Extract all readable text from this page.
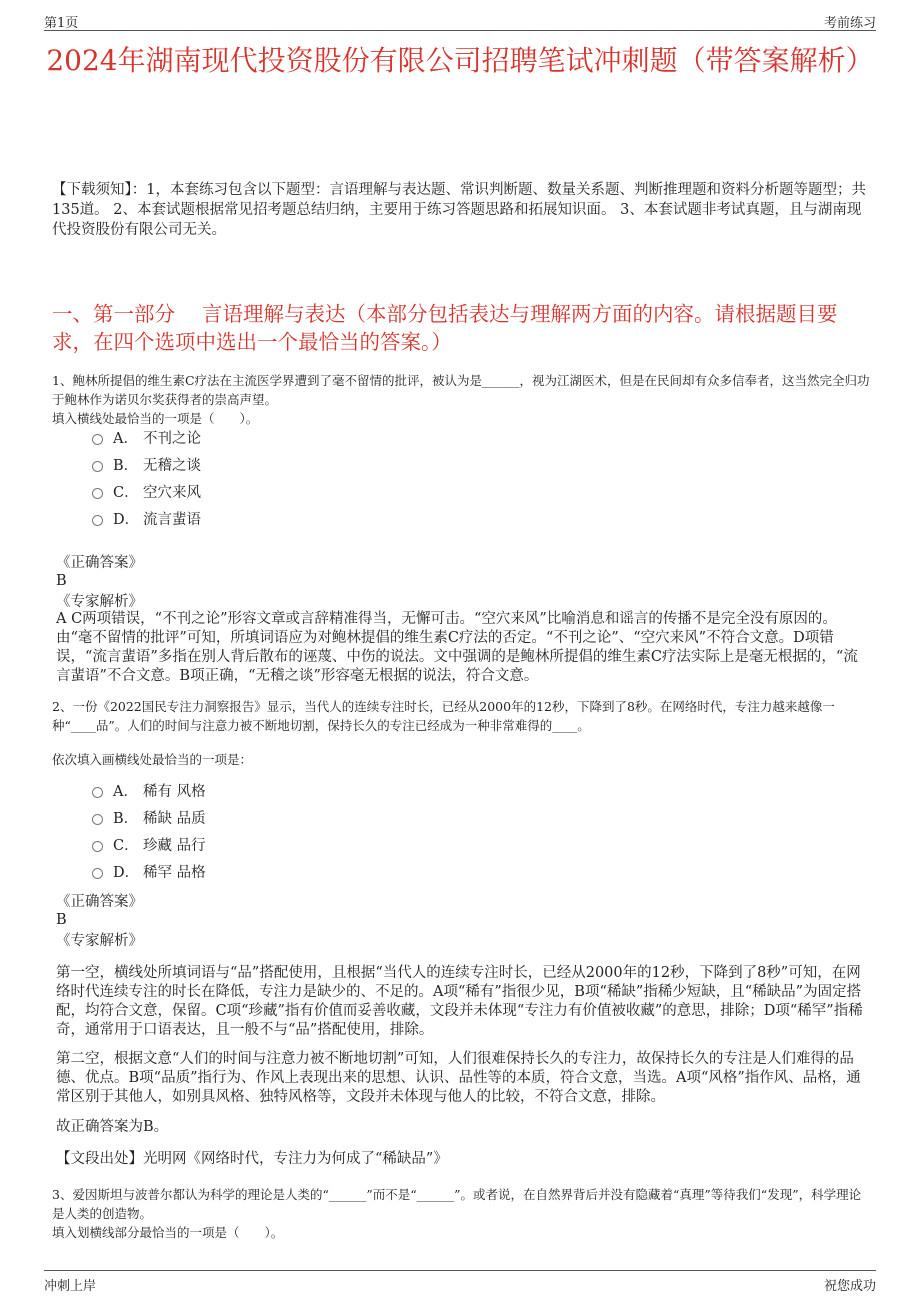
第1页	考前练习
2024年湖南现代投资股份有限公司招聘笔试冲刺题（带答案解析）
【下载须知】：1，本套练习包含以下题型：言语理解与表达题、常识判断题、数量关系题、判断推理题和资料分析题等题型；共135道。 2、本套试题根据常见招考题总结归纳，主要用于练习答题思路和拓展知识面。 3、本套试题非考试真题，且与湖南现代投资股份有限公司无关。
一、第一部分　 言语理解与表达（本部分包括表达与理解两方面的内容。请根据题目要求，在四个选项中选出一个最恰当的答案。）
1、鲍林所提倡的维生素C疗法在主流医学界遭到了毫不留情的批评，被认为是______，视为江湖医术，但是在民间却有众多信奉者，这当然完全归功于鲍林作为诺贝尔奖获得者的崇高声望。
填入横线处最恰当的一项是（　　）。
A． 不刊之论
B． 无稽之谈
C． 空穴来风
D． 流言蜚语
《正确答案》
B
《专家解析》
A C两项错误，“不刊之论”形容文章或言辞精准得当，无懈可击。“空穴来风”比喻消息和谣言的传播不是完全没有原因的。由“毫不留情的批评”可知，所填词语应为对鲍林提倡的维生素C疗法的否定。“不刊之论”、“空穴来风”不符合文意。D项错误，“流言蜚语”多指在别人背后散布的诬蔑、中伤的说法。文中强调的是鲍林所提倡的维生素C疗法实际上是毫无根据的，“流言蜚语”不合文意。B项正确，“无稽之谈”形容毫无根据的说法，符合文意。
2、一份《2022国民专注力洞察报告》显示，当代人的连续专注时长，已经从2000年的12秒，下降到了8秒。在网络时代，专注力越来越像一种“____品”。人们的时间与注意力被不断地切割，保持长久的专注已经成为一种非常难得的____。
依次填入画横线处最恰当的一项是：
A． 稀有 风格
B． 稀缺 品质
C． 珍藏 品行
D． 稀罕 品格
《正确答案》
B
《专家解析》
第一空，横线处所填词语与“品”搭配使用，且根据“当代人的连续专注时长，已经从2000年的12秒，下降到了8秒”可知，在网络时代连续专注的时长在降低，专注力是缺少的、不足的。A项“稀有”指很少见，B项“稀缺”指稀少短缺，且“稀缺品”为固定搭配，均符合文意，保留。C项“珍藏”指有价值而妥善收藏，文段并未体现“专注力有价值被收藏”的意思，排除；D项“稀罕”指稀奇，通常用于口语表达，且一般不与“品”搭配使用，排除。
第二空，根据文意“人们的时间与注意力被不断地切割”可知，人们很难保持长久的专注力，故保持长久的专注是人们难得的品德、优点。B项“品质”指行为、作风上表现出来的思想、认识、品性等的本质，符合文意，当选。A项“风格”指作风、品格，通常区别于其他人，如别具风格、独特风格等，文段并未体现与他人的比较，不符合文意，排除。
故正确答案为B。
【文段出处】光明网《网络时代，专注力为何成了“稀缺品”》
3、爱因斯坦与波普尔都认为科学的理论是人类的“______”而不是“______”。或者说，在自然界背后并没有隐藏着“真理”等待我们“发现”，科学理论是人类的创造物。
填入划横线部分最恰当的一项是（　　）。
冲刺上岸	祝您成功
